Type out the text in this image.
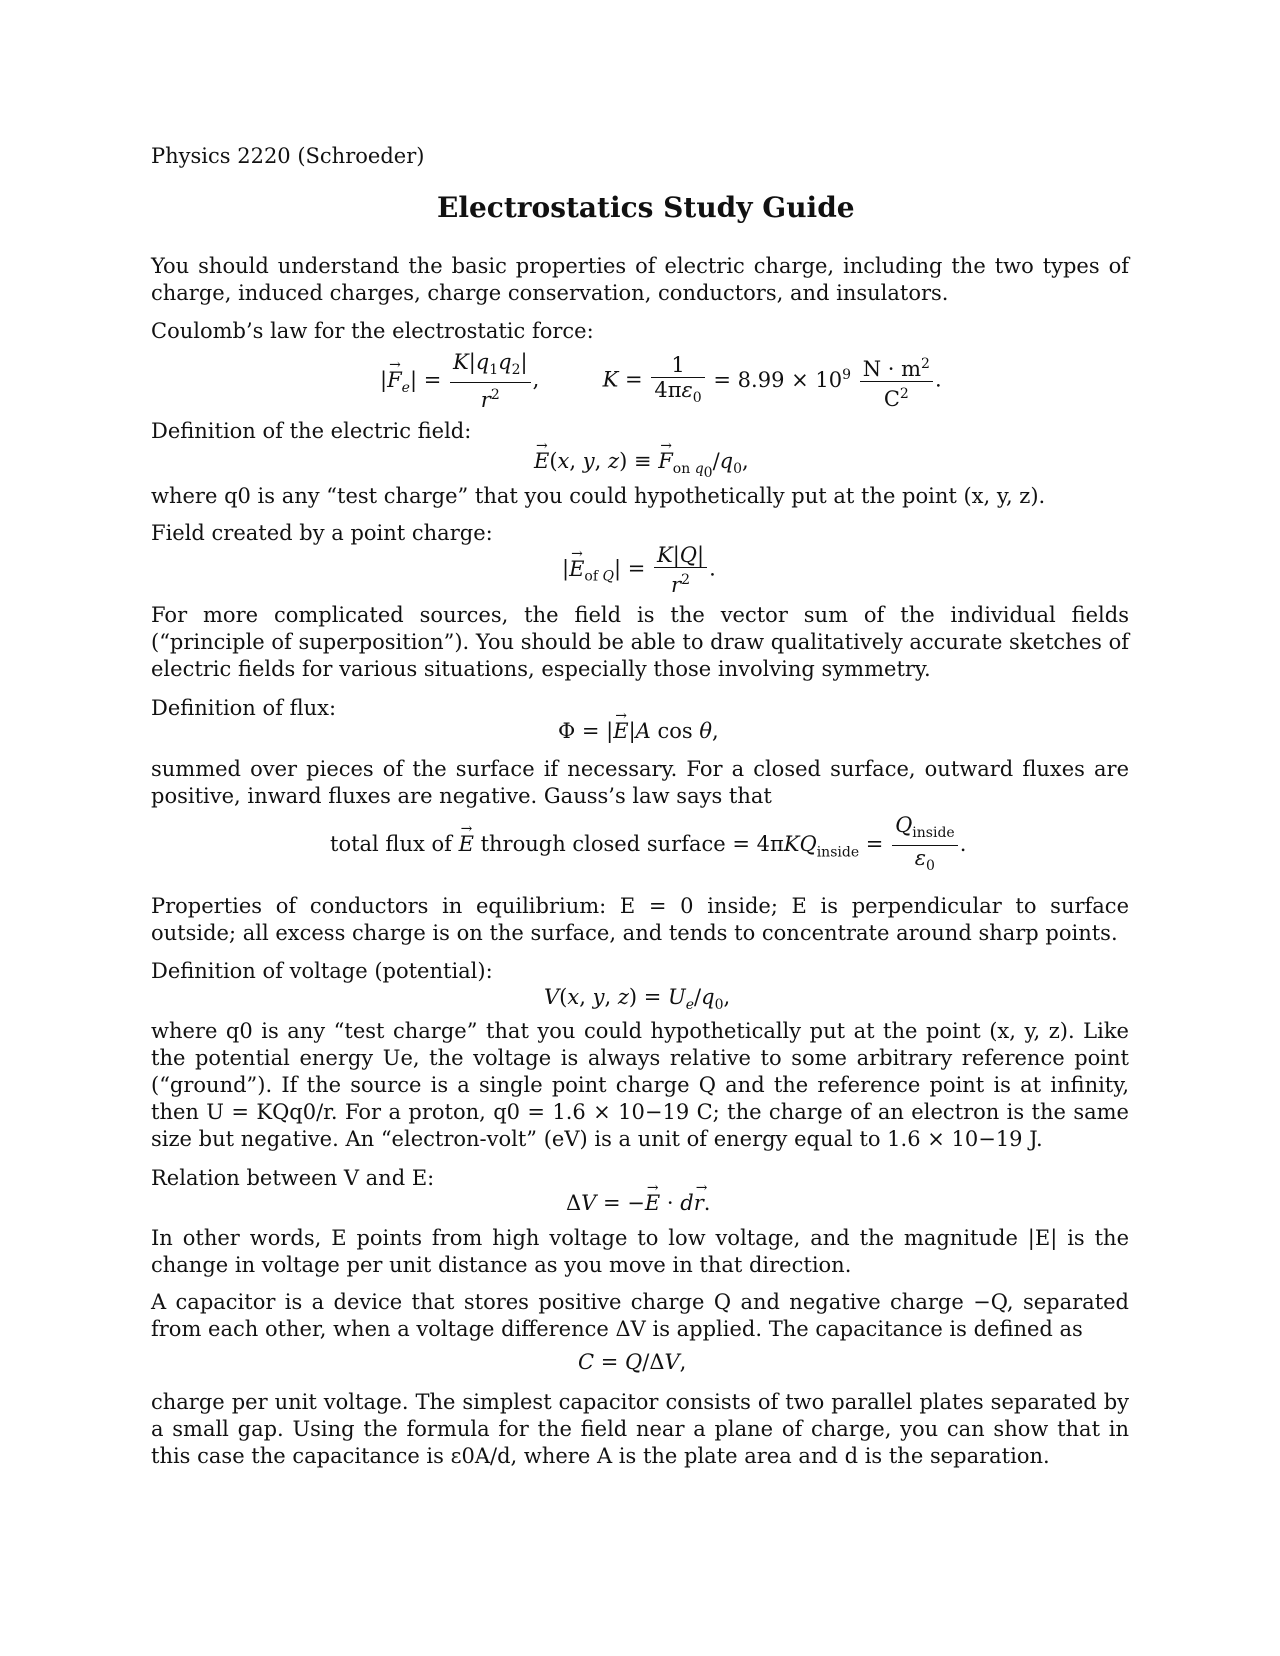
Physics 2220 (Schroeder)
Electrostatics Study Guide
You should understand the basic properties of electric charge, including the two types of charge, induced charges, charge conservation, conductors, and insulators.
Coulomb’s law for the electrostatic force:
|→ $F_e| = \frac{K|q_1q_2|}{r^2}$ ,	$K = \frac{1}{4\pi\varepsilon_0} = 8.99 \times 10^9 \frac{N \cdot m^2}{C^2}$ .
Definition of the electric field:
→ E(x, y, z) ≡ → $F_{on q_0}/q_0$,
where q0 is any “test charge” that you could hypothetically put at the point (x, y, z).
Field created by a point charge:
|→ $E_{of Q}| = \frac{K|Q|}{r^2}$ .
For more complicated sources, the field is the vector sum of the individual fields (“principle of superposition”). You should be able to draw qualitatively accurate sketches of electric fields for various situations, especially those involving symmetry.
Definition of flux:
Φ = |→ E|A cos θ,
summed over pieces of the surface if necessary. For a closed surface, outward fluxes are positive, inward fluxes are negative. Gauss’s law says that
total flux of → E through closed surface = $4\pi KQ_{inside} = \frac{Q_{inside}}{\varepsilon_0}$ .
Properties of conductors in equilibrium: E = 0 inside; E is perpendicular to surface outside; all excess charge is on the surface, and tends to concentrate around sharp points.
Definition of voltage (potential):
V(x, y, $z) = U_e/q_0$,
where q0 is any “test charge” that you could hypothetically put at the point (x, y, z). Like the potential energy Ue, the voltage is always relative to some arbitrary reference point (“ground”). If the source is a single point charge Q and the reference point is at infinity, then U = KQq0/r. For a proton, q0 = 1.6 × 10−19 C; the charge of an electron is the same size but negative. An “electron-volt” (eV) is a unit of energy equal to 1.6 × 10−19 J.
Relation between V and E:
ΔV = −→ E · d→ r.
In other words, E points from high voltage to low voltage, and the magnitude |E| is the change in voltage per unit distance as you move in that direction.
A capacitor is a device that stores positive charge Q and negative charge −Q, separated from each other, when a voltage difference ΔV is applied. The capacitance is defined as
C = Q/ΔV,
charge per unit voltage. The simplest capacitor consists of two parallel plates separated by a small gap. Using the formula for the field near a plane of charge, you can show that in this case the capacitance is ε0A/d, where A is the plate area and d is the separation.
